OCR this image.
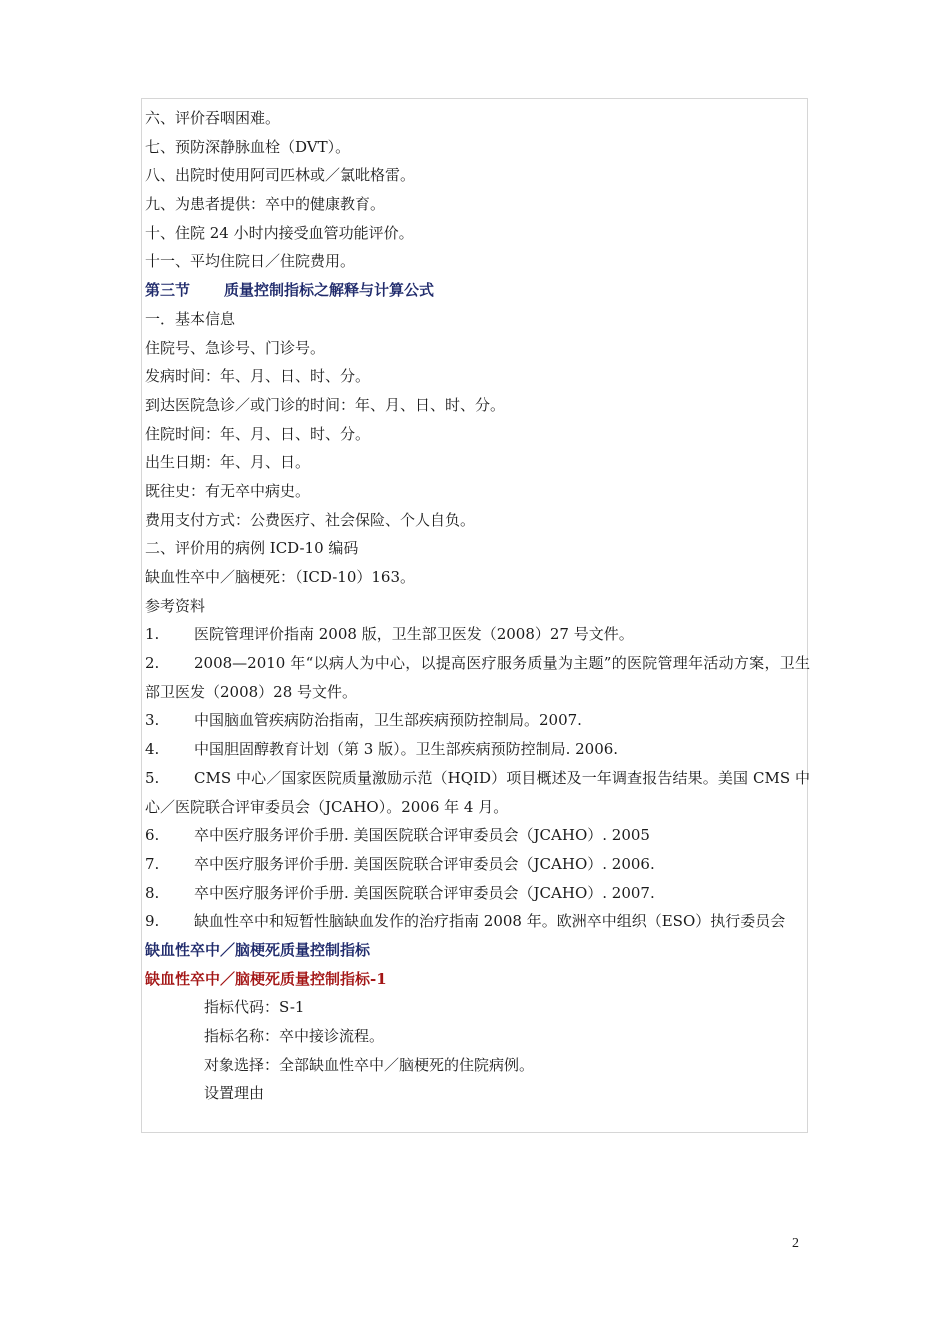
六、评价吞咽困难。
七、预防深静脉血栓（DVT）。
八、出院时使用阿司匹林或／氯吡格雷。
九、为患者提供：卒中的健康教育。
十、住院 24 小时内接受血管功能评价。
十一、平均住院日／住院费用。
第三节 质量控制指标之解释与计算公式
一．基本信息
住院号、急诊号、门诊号。
发病时间：年、月、日、时、分。
到达医院急诊／或门诊的时间：年、月、日、时、分。
住院时间：年、月、日、时、分。
出生日期：年、月、日。
既往史：有无卒中病史。
费用支付方式：公费医疗、社会保险、个人自负。
二、评价用的病例 ICD-10 编码
缺血性卒中／脑梗死：（ICD-10）163。
参考资料
1. 医院管理评价指南 2008 版，卫生部卫医发（2008）27 号文件。
2. 2008—2010 年“以病人为中心，以提高医疗服务质量为主题”的医院管理年活动方案，卫生部卫医发（2008）28 号文件。
3. 中国脑血管疾病防治指南，卫生部疾病预防控制局。2007.
4. 中国胆固醇教育计划（第 3 版）。卫生部疾病预防控制局. 2006.
5. CMS 中心／国家医院质量激励示范（HQID）项目概述及一年调查报告结果。美国 CMS 中心／医院联合评审委员会（JCAHO）。2006 年 4 月。
6. 卒中医疗服务评价手册. 美国医院联合评审委员会（JCAHO）. 2005
7. 卒中医疗服务评价手册. 美国医院联合评审委员会（JCAHO）. 2006.
8. 卒中医疗服务评价手册. 美国医院联合评审委员会（JCAHO）. 2007.
9. 缺血性卒中和短暂性脑缺血发作的治疗指南 2008 年。欧洲卒中组织（ESO）执行委员会
缺血性卒中／脑梗死质量控制指标
缺血性卒中／脑梗死质量控制指标-1
指标代码：S-1
指标名称：卒中接诊流程。
对象选择：全部缺血性卒中／脑梗死的住院病例。
设置理由
2
